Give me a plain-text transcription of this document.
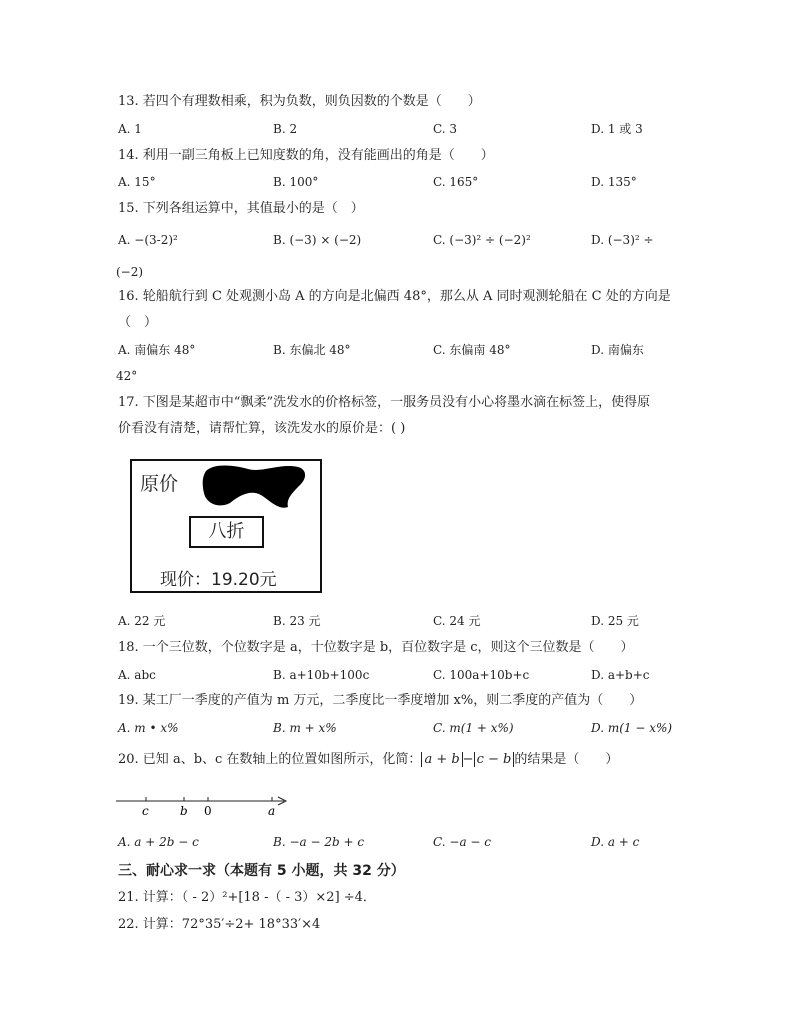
13. 若四个有理数相乘，积为负数，则负因数的个数是（　　）
A. 1	B. 2	C. 3	D. 1 或 3
14. 利用一副三角板上已知度数的角，没有能画出的角是（　　）
A. 15°	B. 100°	C. 165°	D. 135°
15. 下列各组运算中，其值最小的是（　）
A. −(3-2)²	B. (−3) × (−2)	C. (−3)² ÷ (−2)²	D. (−3)² ÷
(−2)
16. 轮船航行到 C 处观测小岛 A 的方向是北偏西 48°，那么从 A 同时观测轮船在 C 处的方向是
（　）
A. 南偏东 48°	B. 东偏北 48°	C. 东偏南 48°	D. 南偏东
42°
17. 下图是某超市中“飘柔”洗发水的价格标签，一服务员没有小心将墨水滴在标签上，使得原
价看没有清楚，请帮忙算，该洗发水的原价是：( )
原价
八折
现价：19.20元
A. 22 元	B. 23 元	C. 24 元	D. 25 元
18. 一个三位数，个位数字是 a，十位数字是 b，百位数字是 c，则这个三位数是（　　）
A. abc	B. a+10b+100c	C. 100a+10b+c	D. a+b+c
19. 某工厂一季度的产值为 m 万元，二季度比一季度增加 x%，则二季度的产值为（　　）
A. m • x%	B. m + x%	C. m(1 + x%)	D. m(1 − x%)
20. 已知 a、b、c 在数轴上的位置如图所示，化简： a + b − c − b 的结果是（　　）
c	b 0	a
A. a + 2b − c	B. −a − 2b + c	C. −a − c	D. a + c
三、耐心求一求（本题有 5 小题，共 32 分）
21. 计算：（ - 2）²+[18 -（ - 3）×2] ÷4．
22. 计算：72°35′÷2+ 18°33′×4
